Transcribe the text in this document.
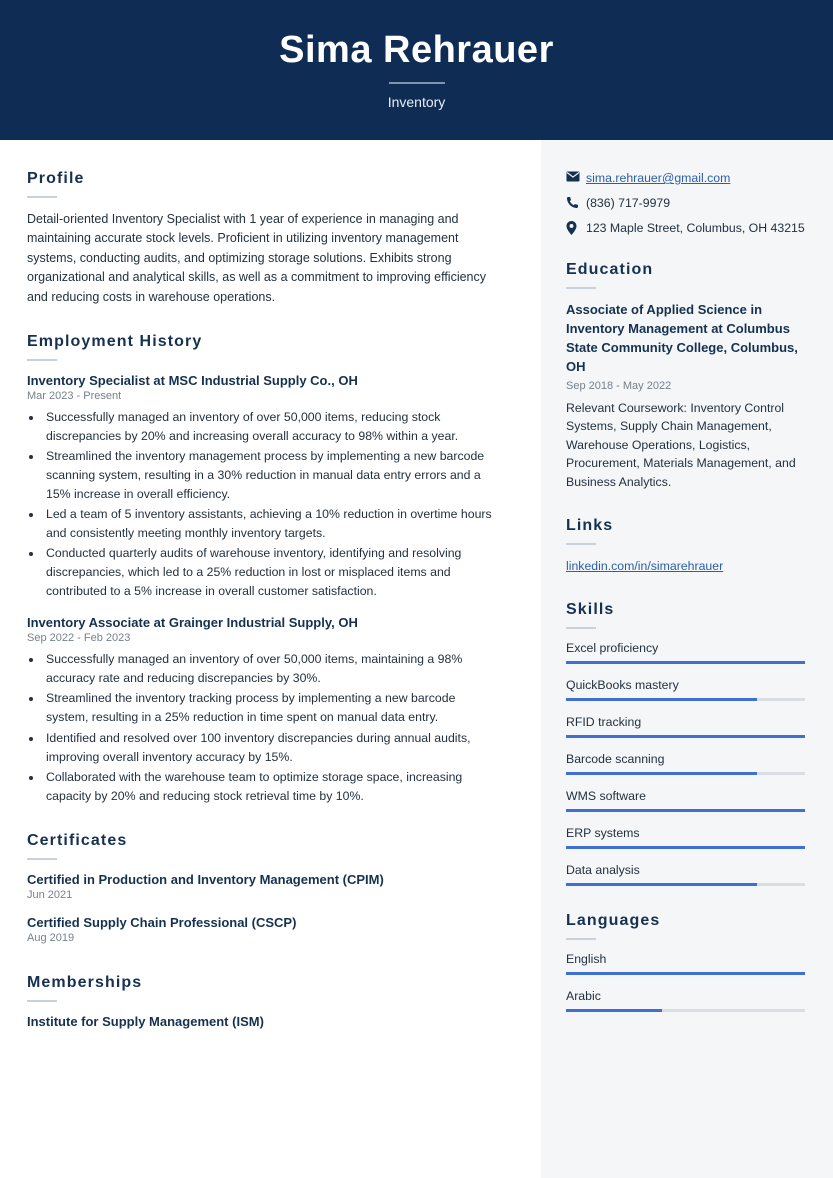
Sima Rehrauer
Inventory
Profile
Detail-oriented Inventory Specialist with 1 year of experience in managing and maintaining accurate stock levels. Proficient in utilizing inventory management systems, conducting audits, and optimizing storage solutions. Exhibits strong organizational and analytical skills, as well as a commitment to improving efficiency and reducing costs in warehouse operations.
Employment History
Inventory Specialist at MSC Industrial Supply Co., OH
Mar 2023 - Present
• Successfully managed an inventory of over 50,000 items, reducing stock discrepancies by 20% and increasing overall accuracy to 98% within a year.
• Streamlined the inventory management process by implementing a new barcode scanning system, resulting in a 30% reduction in manual data entry errors and a 15% increase in overall efficiency.
• Led a team of 5 inventory assistants, achieving a 10% reduction in overtime hours and consistently meeting monthly inventory targets.
• Conducted quarterly audits of warehouse inventory, identifying and resolving discrepancies, which led to a 25% reduction in lost or misplaced items and contributed to a 5% increase in overall customer satisfaction.
Inventory Associate at Grainger Industrial Supply, OH
Sep 2022 - Feb 2023
• Successfully managed an inventory of over 50,000 items, maintaining a 98% accuracy rate and reducing discrepancies by 30%.
• Streamlined the inventory tracking process by implementing a new barcode system, resulting in a 25% reduction in time spent on manual data entry.
• Identified and resolved over 100 inventory discrepancies during annual audits, improving overall inventory accuracy by 15%.
• Collaborated with the warehouse team to optimize storage space, increasing capacity by 20% and reducing stock retrieval time by 10%.
Certificates
Certified in Production and Inventory Management (CPIM)
Jun 2021
Certified Supply Chain Professional (CSCP)
Aug 2019
Memberships
Institute for Supply Management (ISM)
sima.rehrauer@gmail.com
(836) 717-9979
123 Maple Street, Columbus, OH 43215
Education
Associate of Applied Science in Inventory Management at Columbus State Community College, Columbus, OH
Sep 2018 - May 2022
Relevant Coursework: Inventory Control Systems, Supply Chain Management, Warehouse Operations, Logistics, Procurement, Materials Management, and Business Analytics.
Links
linkedin.com/in/simarehrauer
Skills
Excel proficiency
QuickBooks mastery
RFID tracking
Barcode scanning
WMS software
ERP systems
Data analysis
Languages
English
Arabic
